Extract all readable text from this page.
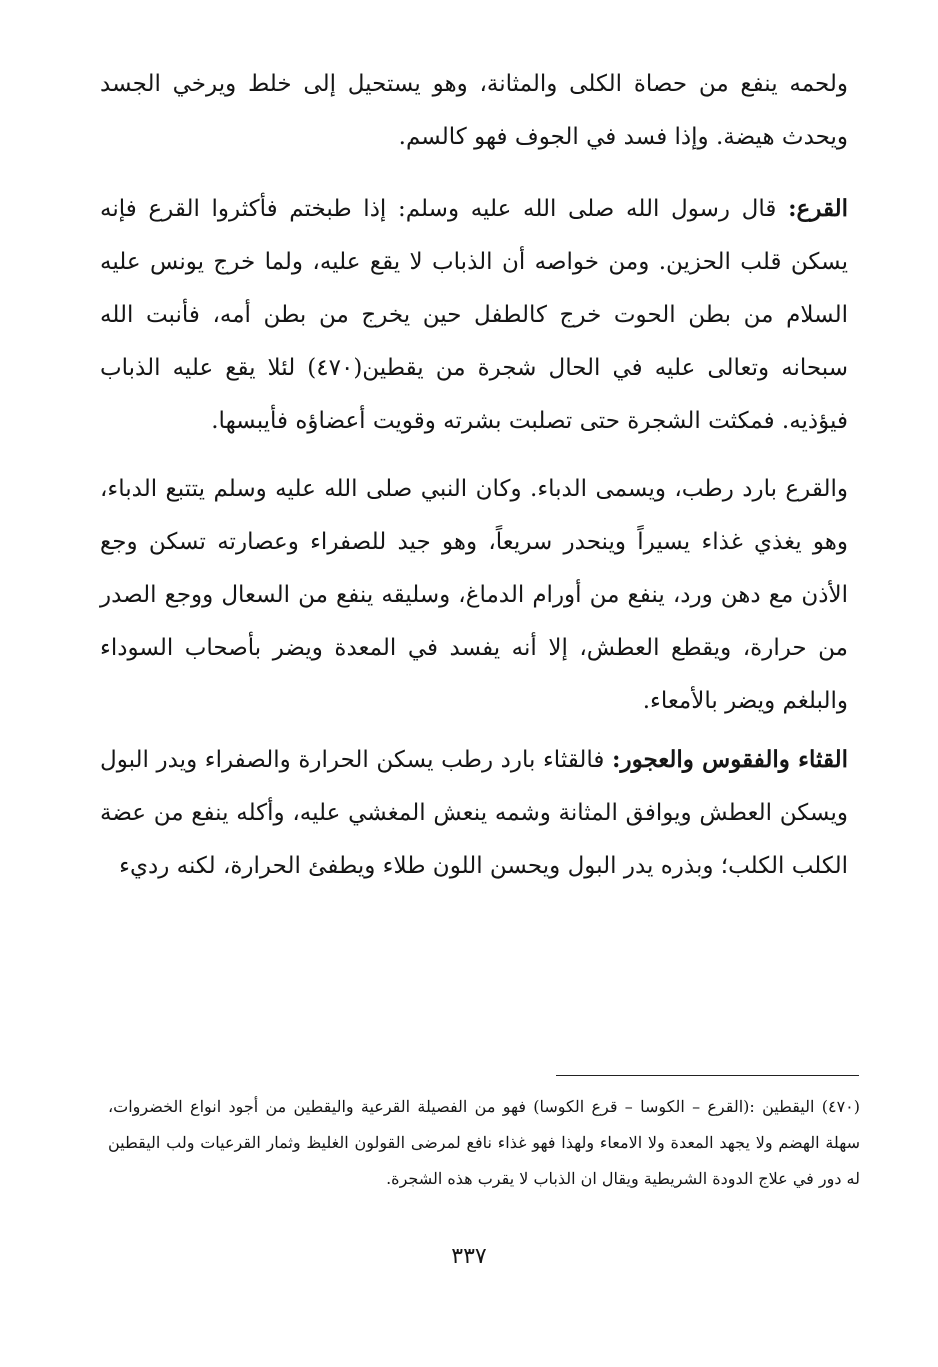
ولحمه ينفع من حصاة الكلى والمثانة، وهو يستحيل إلى خلط ويرخي الجسد ويحدث هيضة. وإذا فسد في الجوف فهو كالسم.

القرع: قال رسول الله صلى الله عليه وسلم: إذا طبختم فأكثروا القرع فإنه يسكن قلب الحزين. ومن خواصه أن الذباب لا يقع عليه، ولما خرج يونس عليه السلام من بطن الحوت خرج كالطفل حين يخرج من بطن أمه، فأنبت الله سبحانه وتعالى عليه في الحال شجرة من يقطين(٤٧٠) لئلا يقع عليه الذباب فيؤذيه. فمكثت الشجرة حتى تصلبت بشرته وقويت أعضاؤه فأيبسها.

والقرع بارد رطب، ويسمى الدباء. وكان النبي صلى الله عليه وسلم يتتبع الدباء، وهو يغذي غذاء يسيراً وينحدر سريعاً، وهو جيد للصفراء وعصارته تسكن وجع الأذن مع دهن ورد، ينفع من أورام الدماغ، وسليقه ينفع من السعال ووجع الصدر من حرارة، ويقطع العطش، إلا أنه يفسد في المعدة ويضر بأصحاب السوداء والبلغم ويضر بالأمعاء.

القثاء والفقوس والعجور: فالقثاء بارد رطب يسكن الحرارة والصفراء ويدر البول ويسكن العطش ويوافق المثانة وشمه ينعش المغشي عليه، وأكله ينفع من عضة الكلب الكلب؛ وبذره يدر البول ويحسن اللون طلاء ويطفئ الحرارة، لكنه رديء

(٤٧٠) اليقطين :(القرع – الكوسا – قرع الكوسا) فهو من الفصيلة القرعية واليقطين من أجود انواع الخضروات، سهلة الهضم ولا يجهد المعدة ولا الامعاء ولهذا فهو غذاء نافع لمرضى القولون الغليظ وثمار القرعيات ولب اليقطين له دور في علاج الدودة الشريطية ويقال ان الذباب لا يقرب هذه الشجرة.

٣٣٧
